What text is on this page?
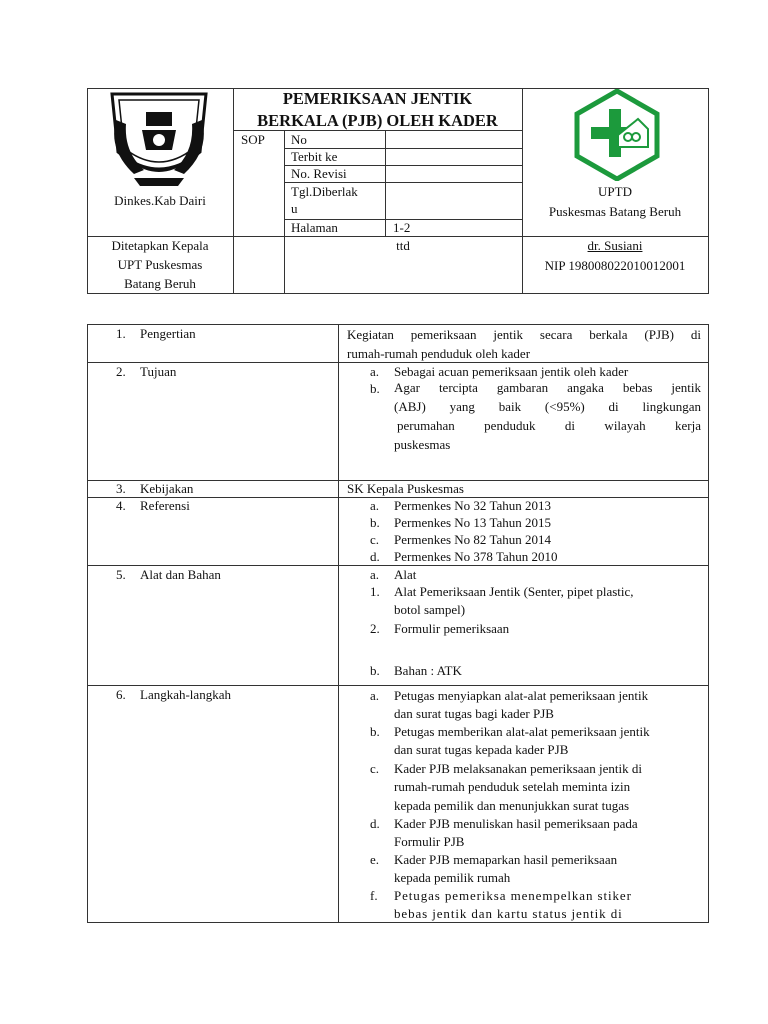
Dinkes.Kab Dairi
PEMERIKSAAN JENTIK
BERKALA (PJB) OLEH KADER
SOP No
Terbit ke
No. Revisi
Tgl.Diberlak
u
Halaman	1-2
UPTD
Puskesmas Batang Beruh
Ditetapkan Kepala
UPT Puskesmas
Batang Beruh
ttd	dr. Susiani
NIP 198008022010012001
1. Pengertian	Kegiatan pemeriksaan jentik secara berkala (PJB) di
rumah-rumah penduduk oleh kader
2. Tujuan	a. Sebagai acuan pemeriksaan jentik oleh kader
b. Agar tercipta gambaran angaka bebas jentik
(ABJ) yang baik (<95%) di lingkungan
perumahan penduduk di wilayah kerja
puskesmas
3. Kebijakan	SK Kepala Puskesmas
4. Referensi	a. Permenkes No 32 Tahun 2013
b. Permenkes No 13 Tahun 2015
c. Permenkes No 82 Tahun 2014
d. Permenkes No 378 Tahun 2010
5. Alat dan Bahan	a. Alat
1. Alat Pemeriksaan Jentik (Senter, pipet plastic,
botol sampel)
2. Formulir pemeriksaan
b. Bahan : ATK
6. Langkah-langkah	a. Petugas menyiapkan alat-alat pemeriksaan jentik
dan surat tugas bagi kader PJB
b. Petugas memberikan alat-alat pemeriksaan jentik
dan surat tugas kepada kader PJB
c. Kader PJB melaksanakan pemeriksaan jentik di
rumah-rumah penduduk setelah meminta izin
kepada pemilik dan menunjukkan surat tugas
d. Kader PJB menuliskan hasil pemeriksaan pada
Formulir PJB
e. Kader PJB memaparkan hasil pemeriksaan
kepada pemilik rumah
f. Petugas pemeriksa menempelkan stiker
bebas jentik dan kartu status jentik di
